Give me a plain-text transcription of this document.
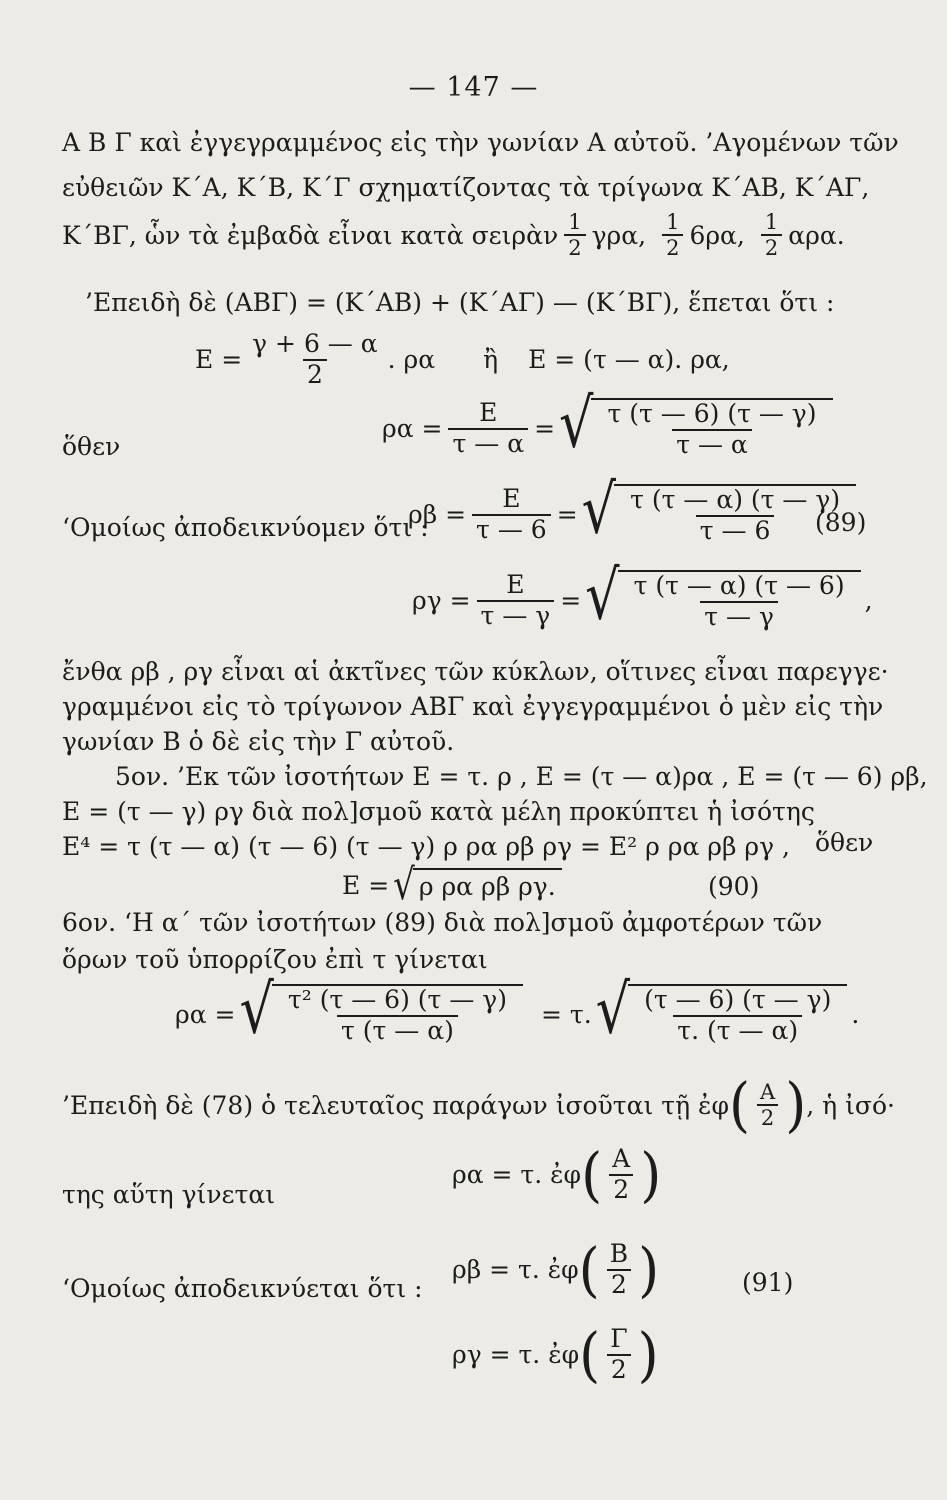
— 147 —
Α Β Γ καὶ ἐγγεγραμμένος εἰς τὴν γωνίαν Α αὐτοῦ. ’Αγομένων τῶν
εὐθειῶν Κ΄Α, Κ΄Β, Κ΄Γ σχηματίζοντας τὰ τρίγωνα Κ΄ΑΒ, Κ΄ΑΓ,
Κ΄ΒΓ, ὧν τὰ ἐμβαδὰ εἶναι κατὰ σειρὰν $\frac{1}{2} \gamma\rho\alpha$, $\frac{1}{2} 6\rho\alpha$, $\frac{1}{2} \alpha\rho\alpha$.
’Επειδὴ δὲ (ΑΒΓ) = (Κ΄ΑΒ) + (Κ΄ΑΓ) — (Κ΄ΒΓ), ἕπεται ὅτι :
$E = \frac{\gamma + 6 — \alpha}{2}$ . ρα ἢ Ε = (τ — α). ρα,
ὅθεν
$\rho\alpha = \frac{E}{\tau — \alpha}$ = √ $\frac{\tau (\tau — 6) (\tau — \gamma)}{\tau — \alpha}$
‘Ομοίως ἀποδεικνύομεν ὅτι :
$\rho\beta = \frac{E}{\tau — 6}$ = √ $\frac{\tau (\tau — \alpha) (\tau — \gamma)}{\tau — 6}$
(89)
$\rho\gamma = \frac{E}{\tau — \gamma}$ = √ $\frac{\tau (\tau — \alpha) (\tau — 6)}{\tau — \gamma}$ ,
ἔνθα ρβ , ργ εἶναι αἱ ἀκτῖνες τῶν κύκλων, οἵτινες εἶναι παρεγγε·
γραμμένοι εἰς τὸ τρίγωνον ΑΒΓ καὶ ἐγγεγραμμένοι ὁ μὲν εἰς τὴν
γωνίαν Β ὁ δὲ εἰς τὴν Γ αὐτοῦ.
5ον. ’Εκ τῶν ἰσοτήτων Ε = τ. ρ , Ε = (τ — α)ρα , Ε = (τ — 6) ρβ,
Ε = (τ — γ) ργ διὰ πολ]σμοῦ κατὰ μέλη προκύπτει ἡ ἰσότης
Ε⁴ = τ (τ — α) (τ — 6) (τ — γ) ρ ρα ρβ ργ = Ε² ρ ρα ρβ ργ , ὅθεν
Ε = √ ρ ρα ρβ ργ.	(90)
6ον. ‘Η α΄ τῶν ἰσοτήτων (89) διὰ πολ]σμοῦ ἀμφοτέρων τῶν
ὅρων τοῦ ὑπορρίζου ἐπὶ τ γίνεται
ρα = √ $\frac{\text{τ² (τ — 6) (τ — γ)}}{\tau (\tau — \alpha)} = \tau$. √ $\frac{(\tau — 6) (\tau — \gamma)}{\tau. (\tau — \alpha)}$ .
’Επειδὴ δὲ (78) ὁ τελευταῖος παράγων ἰσοῦται τῇ ἐφ ( $\frac{A}{2}$ ) , ἡ ἰσό·
της αὕτη γίνεται
ρα = τ. ἐφ ( $\frac{A}{2}$ )
‘Ομοίως ἀποδεικνύεται ὅτι :
ρβ = τ. ἐφ ( $\frac{B}{2}$ )	(91)
ργ = τ. ἐφ ( $\frac{\Gamma}{2}$ )
